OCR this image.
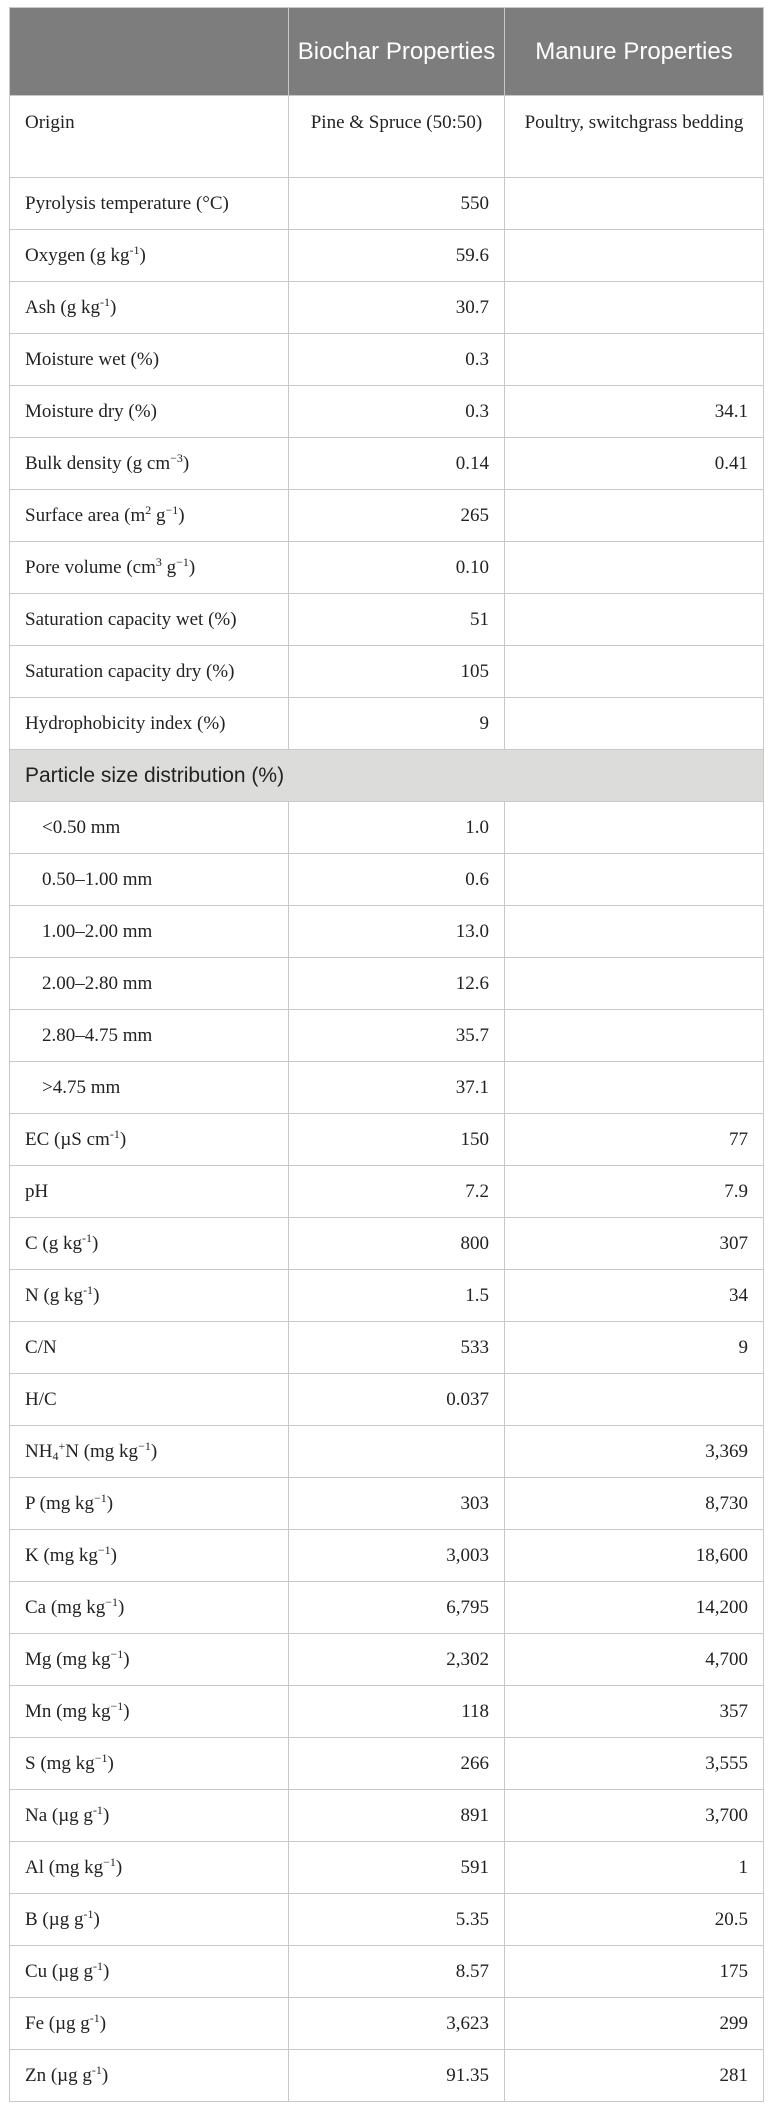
	Biochar Properties	Manure Properties
Origin	Pine & Spruce (50:50)	Poultry, switchgrass bedding
Pyrolysis temperature (°C)	550	
Oxygen (g $kg^{-1}$)	59.6	
Ash (g $kg^{-1}$)	30.7	
Moisture wet (%)	0.3	
Moisture dry (%)	0.3	34.1
Bulk density (g $cm^{-3}$)	0.14	0.41
Surface area ($m^2$ $g^{-1}$)	265	
Pore volume ($cm^3$ $g^{-1}$)	0.10	
Saturation capacity wet (%)	51	
Saturation capacity dry (%)	105	
Hydrophobicity index (%)	9	
Particle size distribution (%)		
<0.50 mm	1.0	
0.50–1.00 mm	0.6	
1.00–2.00 mm	13.0	
2.00–2.80 mm	12.6	
2.80–4.75 mm	35.7	
>4.75 mm	37.1	
EC (µS $cm^{-1}$)	150	77
pH	7.2	7.9
C (g $kg^{-1}$)	800	307
N (g $kg^{-1}$)	1.5	34
C/N	533	9
H/C	0.037	
$NH_4^+N$ (mg $kg^{-1}$)		3,369
P (mg $kg^{-1}$)	303	8,730
K (mg $kg^{-1}$)	3,003	18,600
Ca (mg $kg^{-1}$)	6,795	14,200
Mg (mg $kg^{-1}$)	2,302	4,700
Mn (mg $kg^{-1}$)	118	357
S (mg $kg^{-1}$)	266	3,555
Na (µg $g^{-1}$)	891	3,700
Al (mg $kg^{-1}$)	591	1
B (µg $g^{-1}$)	5.35	20.5
Cu (µg $g^{-1}$)	8.57	175
Fe (µg $g^{-1}$)	3,623	299
Zn (µg $g^{-1}$)	91.35	281
